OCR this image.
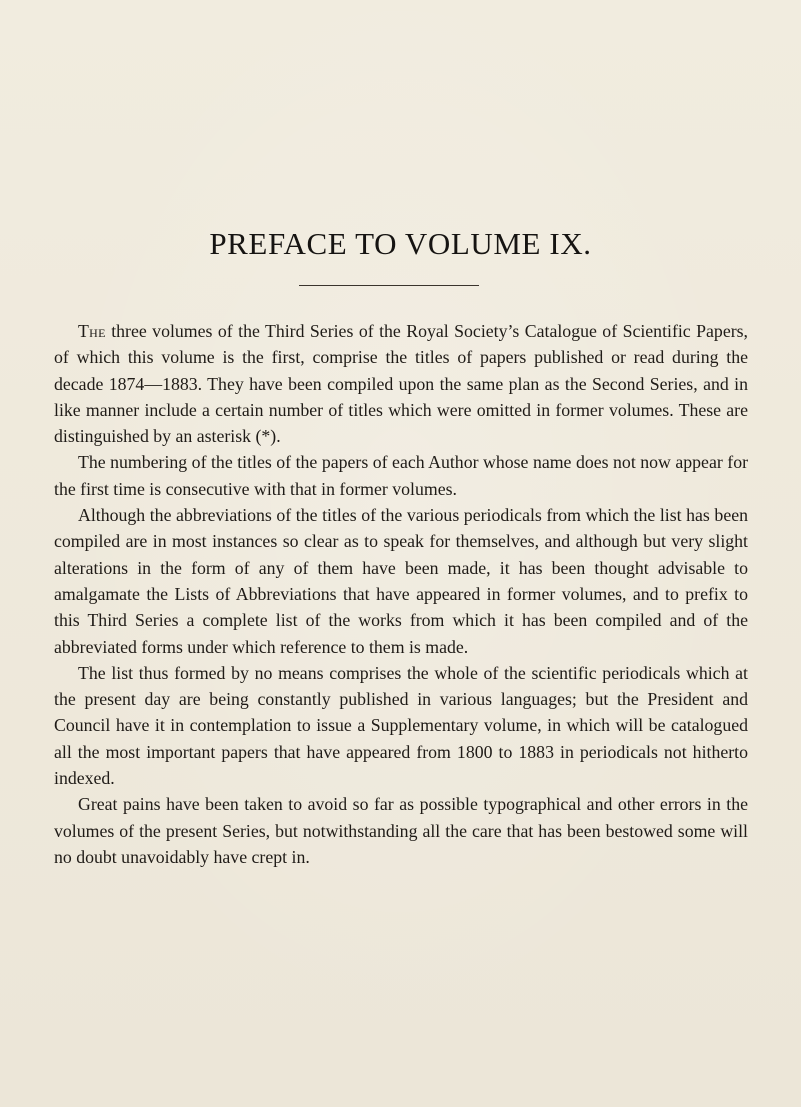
PREFACE TO VOLUME IX.

The three volumes of the Third Series of the Royal Society’s Catalogue of Scientific Papers, of which this volume is the first, comprise the titles of papers published or read during the decade 1874—1883. They have been compiled upon the same plan as the Second Series, and in like manner include a certain number of titles which were omitted in former volumes. These are distinguished by an asterisk (*).

The numbering of the titles of the papers of each Author whose name does not now appear for the first time is consecutive with that in former volumes.

Although the abbreviations of the titles of the various periodicals from which the list has been compiled are in most instances so clear as to speak for themselves, and although but very slight alterations in the form of any of them have been made, it has been thought advisable to amalgamate the Lists of Abbreviations that have appeared in former volumes, and to prefix to this Third Series a complete list of the works from which it has been compiled and of the abbreviated forms under which reference to them is made.

The list thus formed by no means comprises the whole of the scientific periodicals which at the present day are being constantly published in various languages; but the President and Council have it in contemplation to issue a Supplementary volume, in which will be catalogued all the most important papers that have appeared from 1800 to 1883 in periodicals not hitherto indexed.

Great pains have been taken to avoid so far as possible typographical and other errors in the volumes of the present Series, but notwithstanding all the care that has been bestowed some will no doubt unavoidably have crept in.
